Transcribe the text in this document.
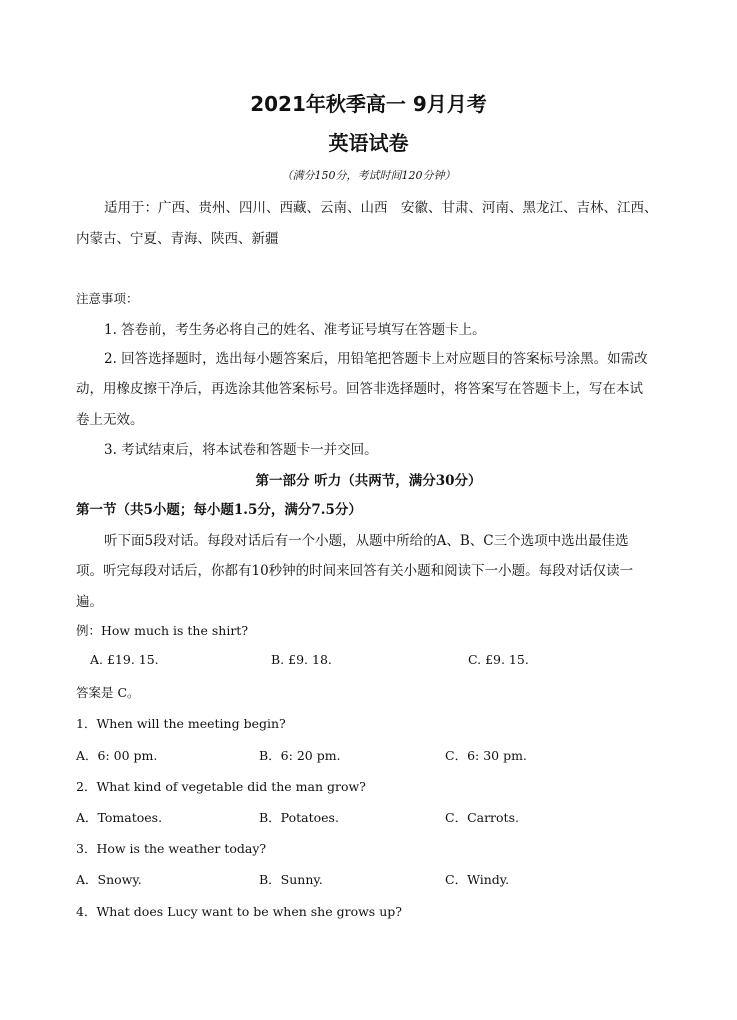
2021年秋季高一 9月月考
英语试卷
（满分150分，考试时间120分钟）
适用于：广西、贵州、四川、西藏、云南、山西　安徽、甘肃、河南、黑龙江、吉林、江西、
内蒙古、宁夏、青海、陕西、新疆
注意事项：
1. 答卷前，考生务必将自己的姓名、准考证号填写在答题卡上。
2. 回答选择题时，选出每小题答案后，用铅笔把答题卡上对应题目的答案标号涂黑。如需改
动，用橡皮擦干净后，再选涂其他答案标号。回答非选择题时，将答案写在答题卡上，写在本试
卷上无效。
3. 考试结束后，将本试卷和答题卡一并交回。
第一部分 听力（共两节，满分30分）
第一节（共5小题；每小题1.5分，满分7.5分）
听下面5段对话。每段对话后有一个小题，从题中所给的A、B、C三个选项中选出最佳选
项。听完每段对话后，你都有10秒钟的时间来回答有关小题和阅读下一小题。每段对话仅读一
遍。
例：How much is the shirt?
A. £19. 15.	B. £9. 18.	C. £9. 15.
答案是 C。
1．When will the meeting begin?
A．6: 00 pm.	B．6: 20 pm.	C．6: 30 pm.
2．What kind of vegetable did the man grow?
A．Tomatoes.	B．Potatoes.	C．Carrots.
3．How is the weather today?
A．Snowy.	B．Sunny.	C．Windy.
4．What does Lucy want to be when she grows up?
